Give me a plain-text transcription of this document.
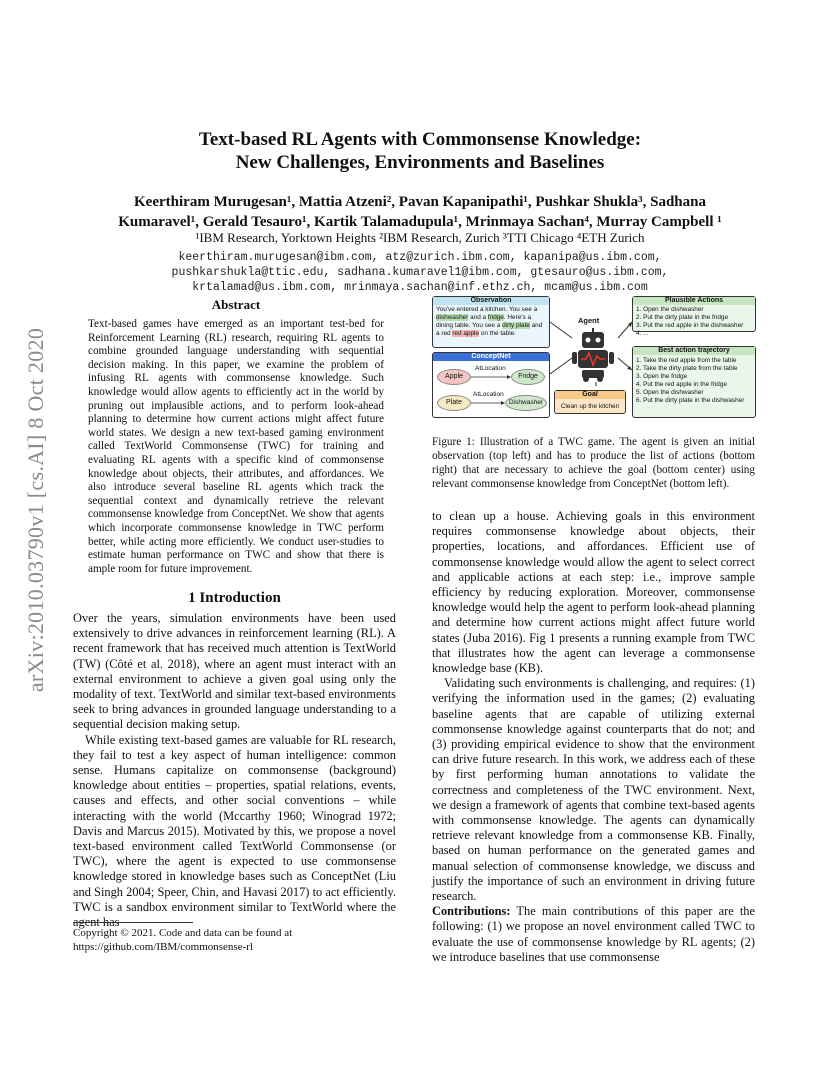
arXiv:2010.03790v1 [cs.AI] 8 Oct 2020
Text-based RL Agents with Commonsense Knowledge:
New Challenges, Environments and Baselines
Keerthiram Murugesan¹, Mattia Atzeni², Pavan Kapanipathi¹, Pushkar Shukla³, Sadhana
Kumaravel¹, Gerald Tesauro¹, Kartik Talamadupula¹, Mrinmaya Sachan⁴, Murray Campbell ¹
¹IBM Research, Yorktown Heights ²IBM Research, Zurich ³TTI Chicago ⁴ETH Zurich
keerthiram.murugesan@ibm.com, atz@zurich.ibm.com, kapanipa@us.ibm.com,
pushkarshukla@ttic.edu, sadhana.kumaravel1@ibm.com, gtesauro@us.ibm.com,
krtalamad@us.ibm.com, mrinmaya.sachan@inf.ethz.ch, mcam@us.ibm.com
Abstract
Text-based games have emerged as an important test-bed for Reinforcement Learning (RL) research, requiring RL agents to combine grounded language understanding with sequential decision making. In this paper, we examine the problem of infusing RL agents with commonsense knowledge. Such knowledge would allow agents to efficiently act in the world by pruning out implausible actions, and to perform look-ahead planning to determine how current actions might affect future world states. We design a new text-based gaming environment called TextWorld Commonsense (TWC) for training and evaluating RL agents with a specific kind of commonsense knowledge about objects, their attributes, and affordances. We also introduce several baseline RL agents which track the sequential context and dynamically retrieve the relevant commonsense knowledge from ConceptNet. We show that agents which incorporate commonsense knowledge in TWC perform better, while acting more efficiently. We conduct user-studies to estimate human performance on TWC and show that there is ample room for future improvement.
1 Introduction

Over the years, simulation environments have been used extensively to drive advances in reinforcement learning (RL). A recent framework that has received much attention is TextWorld (TW) (Côté et al. 2018), where an agent must interact with an external environment to achieve a given goal using only the modality of text. TextWorld and similar text-based environments seek to bring advances in grounded language understanding to a sequential decision making setup.

While existing text-based games are valuable for RL research, they fail to test a key aspect of human intelligence: common sense. Humans capitalize on commonsense (background) knowledge about entities – properties, spatial relations, events, causes and effects, and other social conventions – while interacting with the world (Mccarthy 1960; Winograd 1972; Davis and Marcus 2015). Motivated by this, we propose a novel text-based environment called TextWorld Commonsense (or TWC), where the agent is expected to use commonsense knowledge stored in knowledge bases such as ConceptNet (Liu and Singh 2004; Speer, Chin, and Havasi 2017) to act efficiently. TWC is a sandbox environment similar to TextWorld where the agent has

Copyright © 2021. Code and data can be found at https://github.com/IBM/commonsense-rl
Observation
You've entered a kitchen. You see a dishwasher and a fridge. Here's a dining table. You see a dirty plate and a red red apple on the table.
Agent
Plausible Actions
1. Open the dishwasher
2. Put the dirty plate in the fridge
3. Put the red apple in the dishwasher
4. ...
Best action trajectory
1. Take the red apple from the table
2. Take the dirty plate from the table
3. Open the fridge
4. Put the red apple in the fridge
5. Open the dishwasher
6. Put the dirty plate in the dishwasher
ConceptNet
Apple	Fridge
Plate	Dishwasher
AtLocation
AtLocation	Goal
Clean up the kitchen
Figure 1: Illustration of a TWC game. The agent is given an initial observation (top left) and has to produce the list of actions (bottom right) that are necessary to achieve the goal (bottom center) using relevant commonsense knowledge from ConceptNet (bottom left).

to clean up a house. Achieving goals in this environment requires commonsense knowledge about objects, their properties, locations, and affordances. Efficient use of commonsense knowledge would allow the agent to select correct and applicable actions at each step: i.e., improve sample efficiency by reducing exploration. Moreover, commonsense knowledge would help the agent to perform look-ahead planning and determine how current actions might affect future world states (Juba 2016). Fig 1 presents a running example from TWC that illustrates how the agent can leverage a commonsense knowledge base (KB).

Validating such environments is challenging, and requires: (1) verifying the information used in the games; (2) evaluating baseline agents that are capable of utilizing external commonsense knowledge against counterparts that do not; and (3) providing empirical evidence to show that the environment can drive future research. In this work, we address each of these by first performing human annotations to validate the correctness and completeness of the TWC environment. Next, we design a framework of agents that combine text-based agents with commonsense knowledge. The agents can dynamically retrieve relevant knowledge from a commonsense KB. Finally, based on human performance on the generated games and manual selection of commonsense knowledge, we discuss and justify the importance of such an environment in driving future research.

Contributions: The main contributions of this paper are the following: (1) we propose an novel environment called TWC to evaluate the use of commonsense knowledge by RL agents; (2) we introduce baselines that use commonsense
